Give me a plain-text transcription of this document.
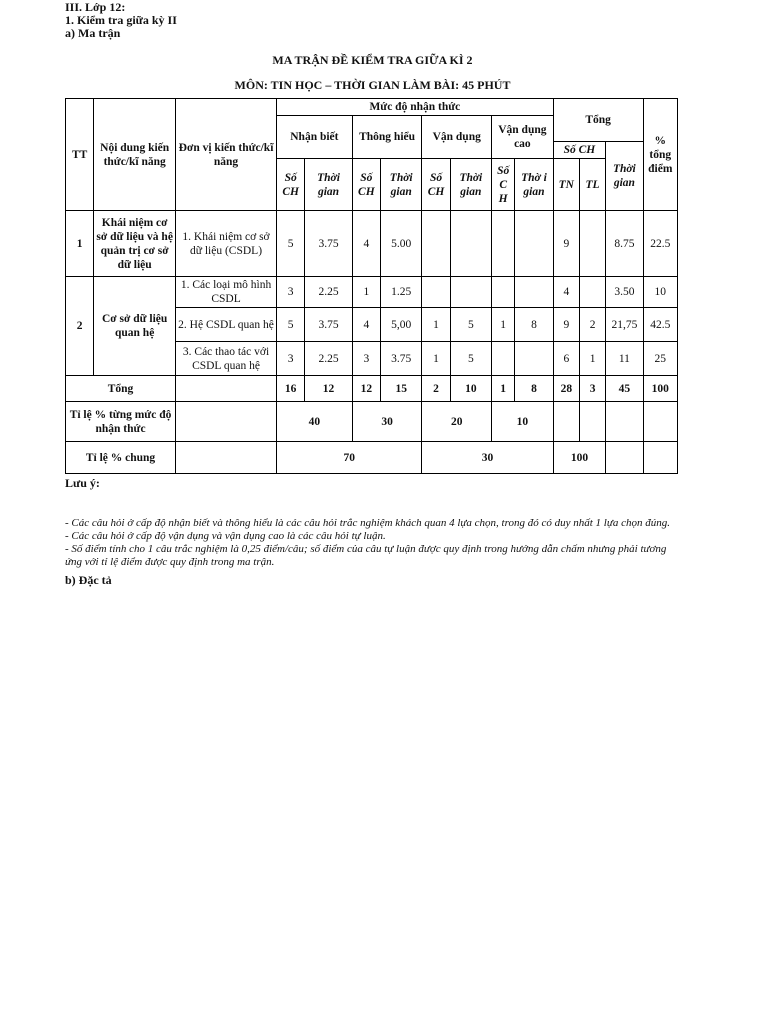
III. Lớp 12:
1. Kiểm tra giữa kỳ II
a) Ma trận
MA TRẬN ĐỀ KIỂM TRA GIỮA KÌ 2
MÔN: TIN HỌC – THỜI GIAN LÀM BÀI: 45 PHÚT
TT	Nội dung kiến thức/kĩ năng	Đơn vị kiến thức/kĩ năng	Mức độ nhận thức								Tổng			% tổng điểm
			Nhận biết		Thông hiểu		Vận dụng		Vận dụng cao					
											Số CH		Thời gian	
			Số CH	Thời gian	Số CH	Thời gian	Số CH	Thời gian	Số C H	Thờ i gian	TN	TL		
1	Khái niệm cơ sở dữ liệu và hệ quản trị cơ sở dữ liệu	1. Khái niệm cơ sở dữ liệu (CSDL)	5	3.75	4	5.00					9		8.75	22.5
2	Cơ sở dữ liệu quan hệ	1. Các loại mô hình CSDL	3	2.25	1	1.25					4		3.50	10
		2. Hệ CSDL quan hệ	5	3.75	4	5,00	1	5	1	8	9	2	21,75	42.5
		3. Các thao tác với CSDL quan hệ	3	2.25	3	3.75	1	5			6	1	11	25
Tổng			16	12	12	15	2	10	1	8	28	3	45	100
Tỉ lệ % từng mức độ nhận thức			40		30		20		10					
Tỉ lệ % chung			70				30				100			
Lưu ý:

- Các câu hỏi ở cấp độ nhận biết và thông hiểu là các câu hỏi trắc nghiệm khách quan 4 lựa chọn, trong đó có duy nhất 1 lựa chọn đúng.

- Các câu hỏi ở cấp độ vận dụng và vận dụng cao là các câu hỏi tự luận.

- Số điểm tính cho 1 câu trắc nghiệm là 0,25 điểm/câu; số điểm của câu tự luận được quy định trong hướng dẫn chấm nhưng phải tương ứng với tỉ lệ điểm được quy định trong ma trận.

b) Đặc tả
